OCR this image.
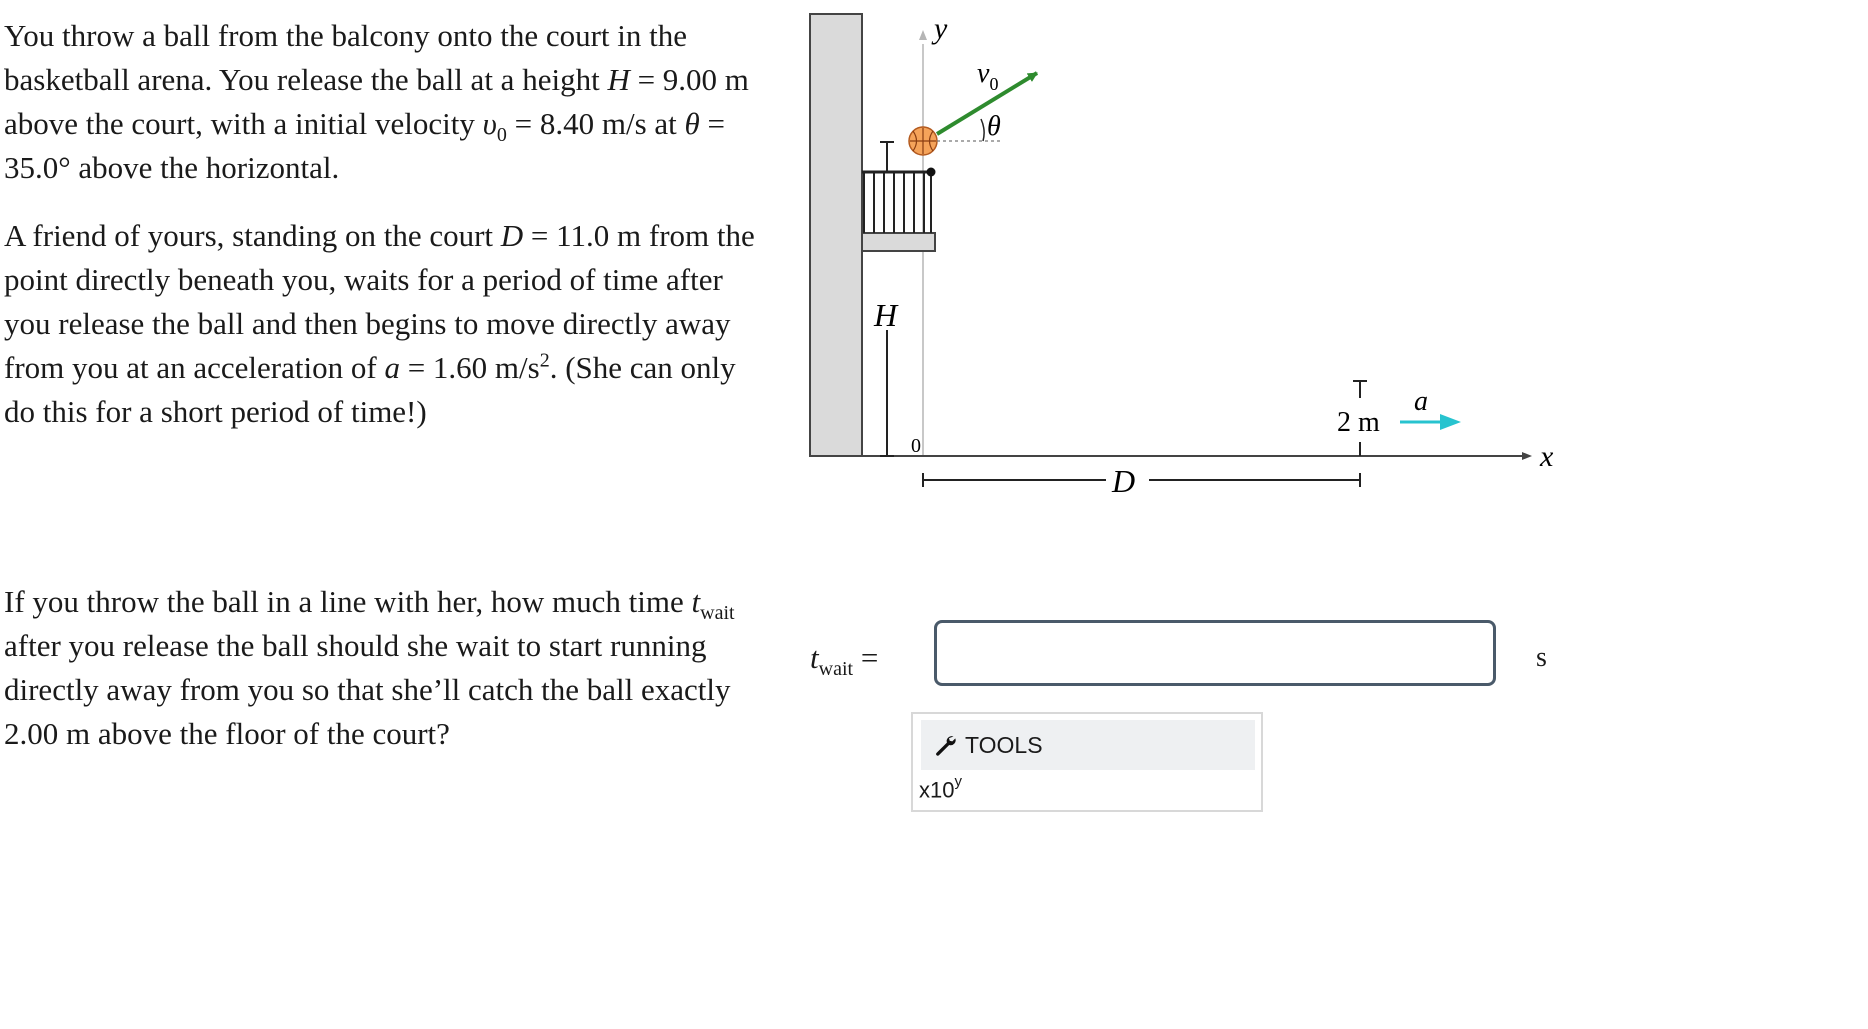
You throw a ball from the balcony onto the court in the basketball arena. You release the ball at a height H = 9.00 m above the court, with a initial velocity $\upsilon_0 = 8.40$ m/s at θ = 35.0° above the horizontal.

A friend of yours, standing on the court D = 11.0 m from the point directly beneath you, waits for a period of time after you release the ball and then begins to move directly away from you at an acceleration of a = 1.60 $m/s^2$. (She can only do this for a short period of time!)

If you throw the ball in a line with her, how much time $t_{wait}$ after you release the ball should she wait to start running directly away from you so that she’ll catch the ball exactly 2.00 m above the floor of the court?

y
x
H
0
$v_0$
θ
D
2 m
a
$t_{wait}$ =	s
TOOLS
x10$^y$
